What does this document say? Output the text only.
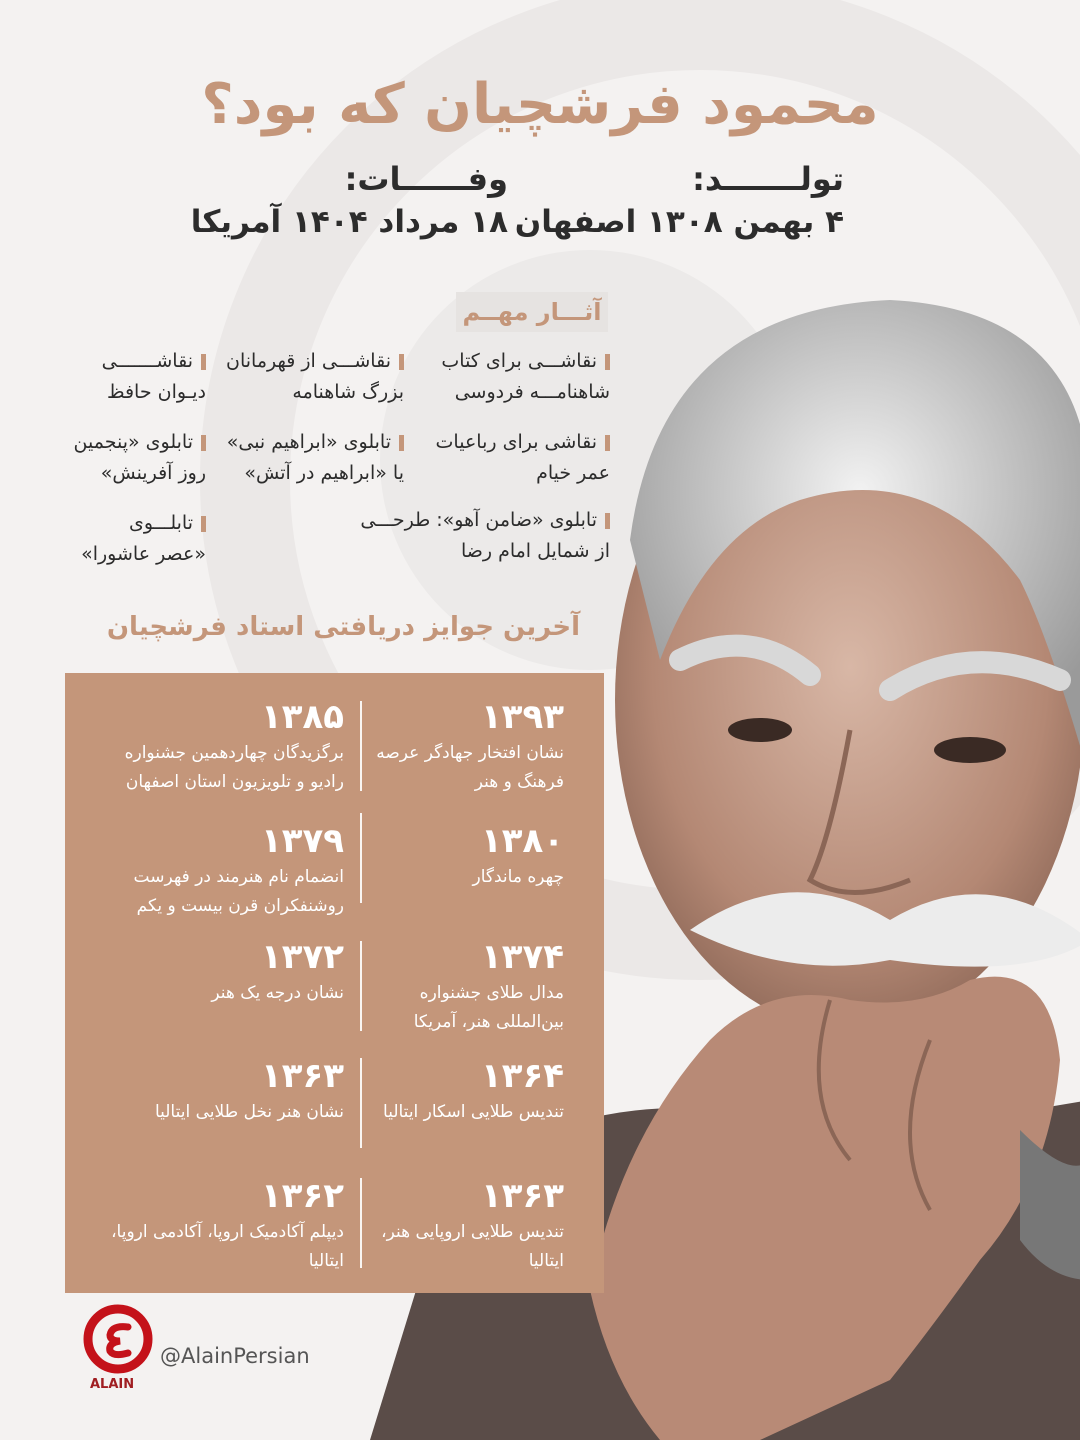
محمود فرشچیان که بود؟
تولـــــــد:
۴ بهمن ۱۳۰۸ اصفهان
وفــــــات:
۱۸ مرداد ۱۴۰۴ آمریکا
آثـــار مهــم
نقاشـــی برای کتاب
شاهنامـــه فردوسی
نقاشـــی از قهرمانان
بزرگ شاهنامه
نقاشـــــــی
دیـوان حافظ
نقاشی برای رباعیات
عمر خیام
تابلوی «ابراهیم نبی»
یا «ابراهیم در آتش»
تابلوی «پنجمین
روز آفرینش»
تابلوی «ضامن آهو»: طرحـــی
از شمایل امام رضا
تابلـــوی
«عصر عاشورا»
آخرین جوایز دریافتی استاد فرشچیان
۱۳۹۳
نشان افتخار جهادگر عرصه فرهنگ و هنر
۱۳۸۵
برگزیدگان چهاردهمین جشنواره رادیو و تلویزیون استان اصفهان
۱۳۸۰
چهره ماندگار
۱۳۷۹
انضمام نام هنرمند در فهرست روشنفکران قرن بیست و یکم
۱۳۷۴
مدال طلای جشنواره بین‌المللی هنر، آمریکا
۱۳۷۲
نشان درجه یک هنر
۱۳۶۴
تندیس طلایی اسکار ایتالیا
۱۳۶۳
نشان هنر نخل طلایی ایتالیا
۱۳۶۳
تندیس طلایی اروپایی هنر، ایتالیا
۱۳۶۲
دیپلم آکادمیک اروپا، آکادمی اروپا، ایتالیا
ALAIN
@AlainPersian
